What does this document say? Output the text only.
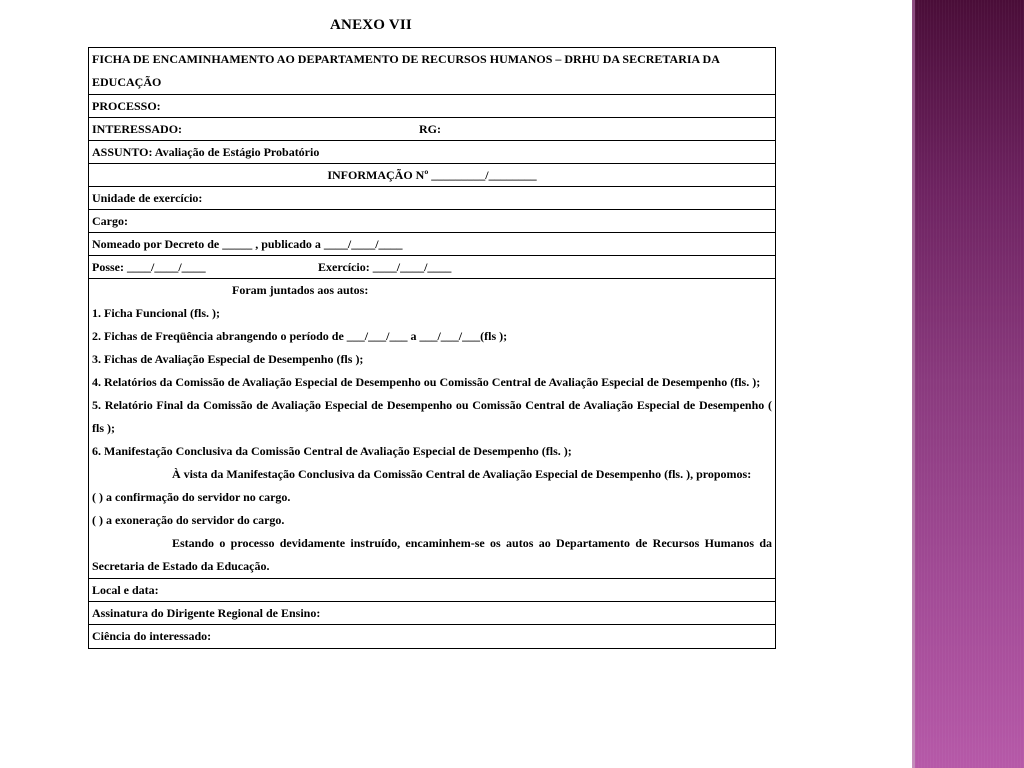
ANEXO VII
FICHA DE ENCAMINHAMENTO AO DEPARTAMENTO DE RECURSOS HUMANOS – DRHU DA SECRETARIA DA EDUCAÇÃO
PROCESSO:
INTERESSADO:	RG:
ASSUNTO: Avaliação de Estágio Probatório
INFORMAÇÃO Nº _________/________
Unidade de exercício:
Cargo:
Nomeado por Decreto de _____ , publicado a ____/____/____
Posse: ____/____/____	Exercício: ____/____/____

Foram juntados aos autos:

1. Ficha Funcional (fls. );

2. Fichas de Freqüência abrangendo o período de ___/___/___ a ___/___/___(fls );

3. Fichas de Avaliação Especial de Desempenho (fls );

4. Relatórios da Comissão de Avaliação Especial de Desempenho ou Comissão Central de Avaliação Especial de Desempenho (fls. );

5. Relatório Final da Comissão de Avaliação Especial de Desempenho ou Comissão Central de Avaliação Especial de Desempenho ( fls );

6. Manifestação Conclusiva da Comissão Central de Avaliação Especial de Desempenho (fls. );

À vista da Manifestação Conclusiva da Comissão Central de Avaliação Especial de Desempenho (fls. ), propomos:

( ) a confirmação do servidor no cargo.

( ) a exoneração do servidor do cargo.

Estando o processo devidamente instruído, encaminhem-se os autos ao Departamento de Recursos Humanos da Secretaria de Estado da Educação.

Local e data:
Assinatura do Dirigente Regional de Ensino:
Ciência do interessado:
